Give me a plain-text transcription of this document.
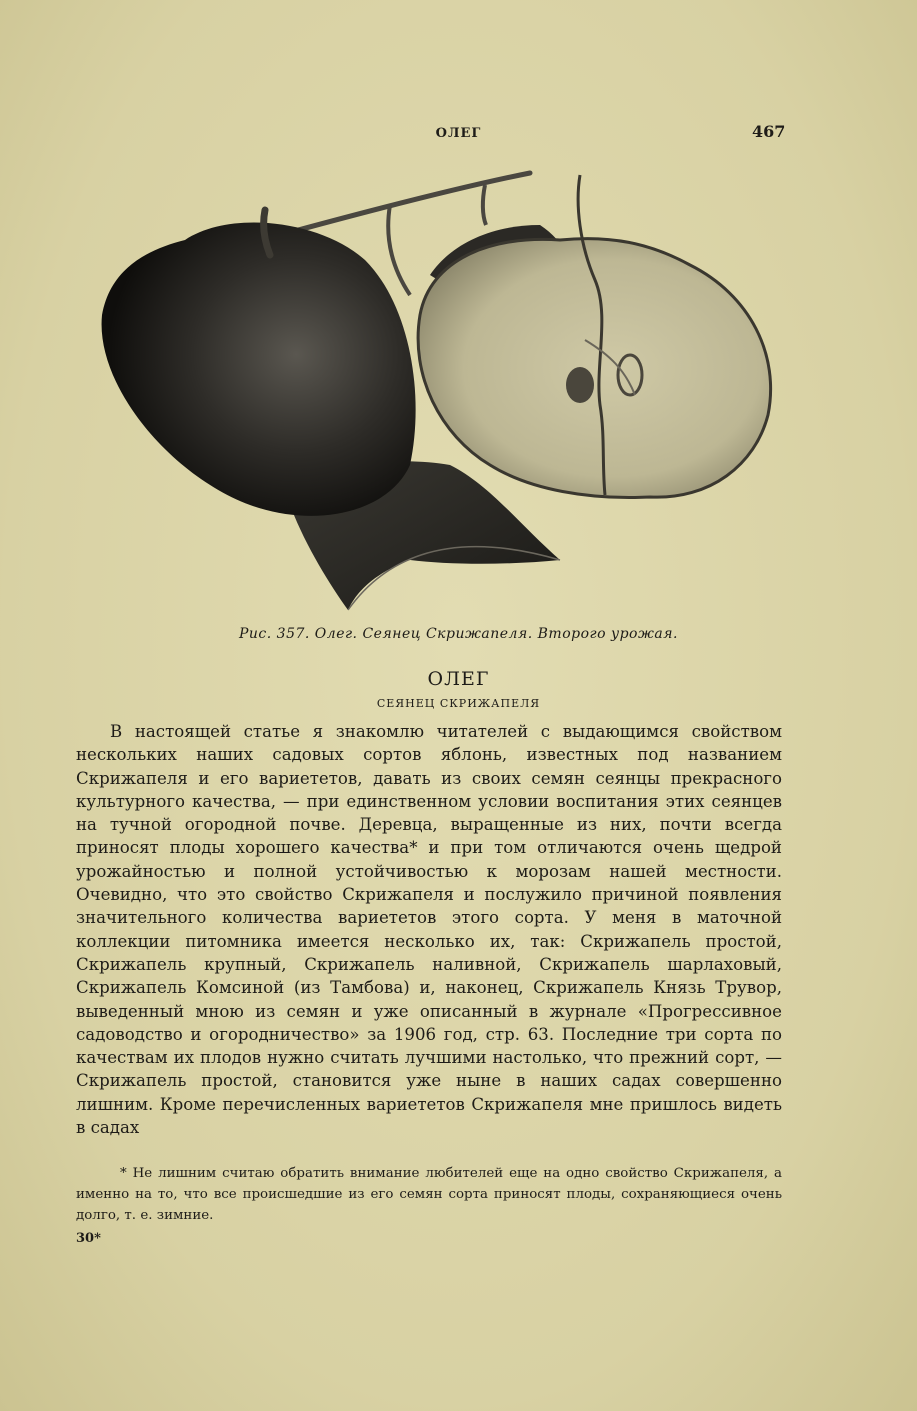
ОЛЕГ	467
Рис. 357. Олег. Сеянец Скрижапеля. Второго урожая.
ОЛЕГ
СЕЯНЕЦ СКРИЖАПЕЛЯ

В настоящей статье я знакомлю читателей с выдающимся свойством нескольких наших садовых сортов яблонь, известных под названием Скрижапеля и его вариететов, давать из своих семян сеянцы прекрасного культурного качества, — при единственном условии воспитания этих сеянцев на тучной огородной почве. Деревца, выращенные из них, почти всегда приносят плоды хорошего качества* и при том отличаются очень щедрой урожайностью и полной устойчивостью к морозам нашей местности. Очевидно, что это свойство Скрижапеля и послужило причиной появления значительного количества вариететов этого сорта. У меня в маточной коллекции питомника имеется несколько их, так: Скрижапель простой, Скрижапель крупный, Скрижапель наливной, Скрижапель шарлаховый, Скрижапель Комсиной (из Тамбова) и, наконец, Скрижапель Князь Трувор, выведенный мною из семян и уже описанный в журнале «Прогрессивное садоводство и огородничество» за 1906 год, стр. 63. Последние три сорта по качествам их плодов нужно считать лучшими настолько, что прежний сорт, — Скрижапель простой, становится уже ныне в наших садах совершенно лишним. Кроме перечисленных вариететов Скрижапеля мне пришлось видеть в садах

* Не лишним считаю обратить внимание любителей еще на одно свойство Скрижапеля, а именно на то, что все происшедшие из его семян сорта приносят плоды, сохраняющиеся очень долго, т. е. зимние.

30*
